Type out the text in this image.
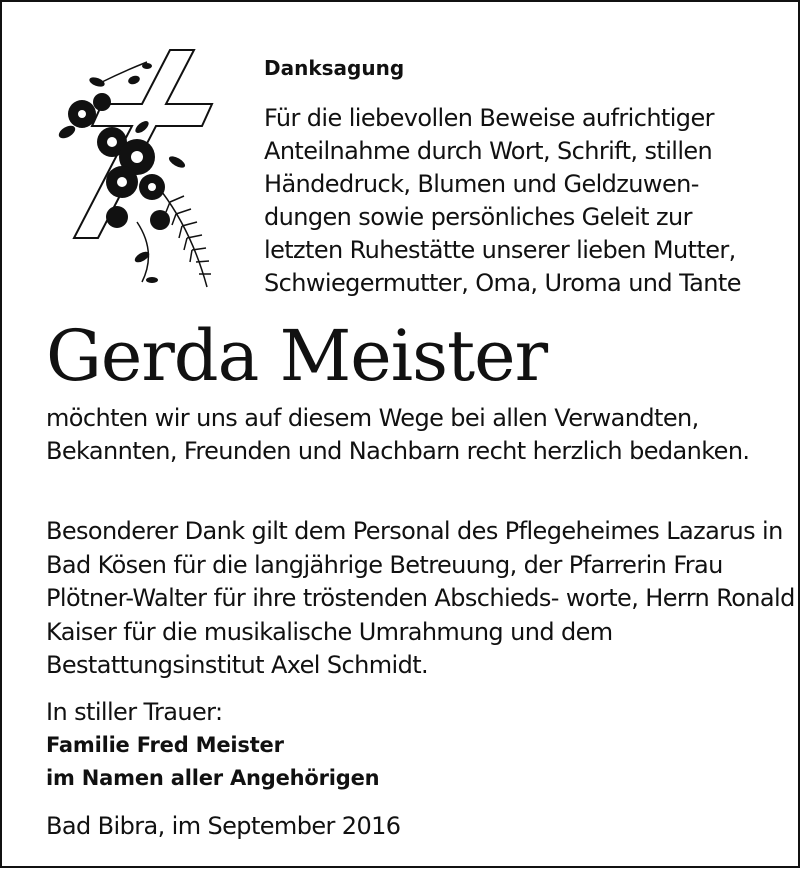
Danksagung
Für die liebevollen Beweise aufrichtiger
Anteilnahme durch Wort, Schrift, stillen
Händedruck, Blumen und Geldzuwen-
dungen sowie persönliches Geleit zur
letzten Ruhestätte unserer lieben Mutter,
Schwiegermutter, Oma, Uroma und Tante
Gerda Meister
möchten wir uns auf diesem Wege bei allen Verwandten, Bekannten, Freunden und Nachbarn recht herzlich bedanken.
Besonderer Dank gilt dem Personal des Pflegeheimes Lazarus in Bad Kösen für die langjährige Betreuung, der Pfarrerin Frau Plötner-Walter für ihre tröstenden Abschieds- worte, Herrn Ronald Kaiser für die musikalische Umrahmung und dem Bestattungsinstitut Axel Schmidt.
In stiller Trauer:
Familie Fred Meister
im Namen aller Angehörigen
Bad Bibra, im September 2016
